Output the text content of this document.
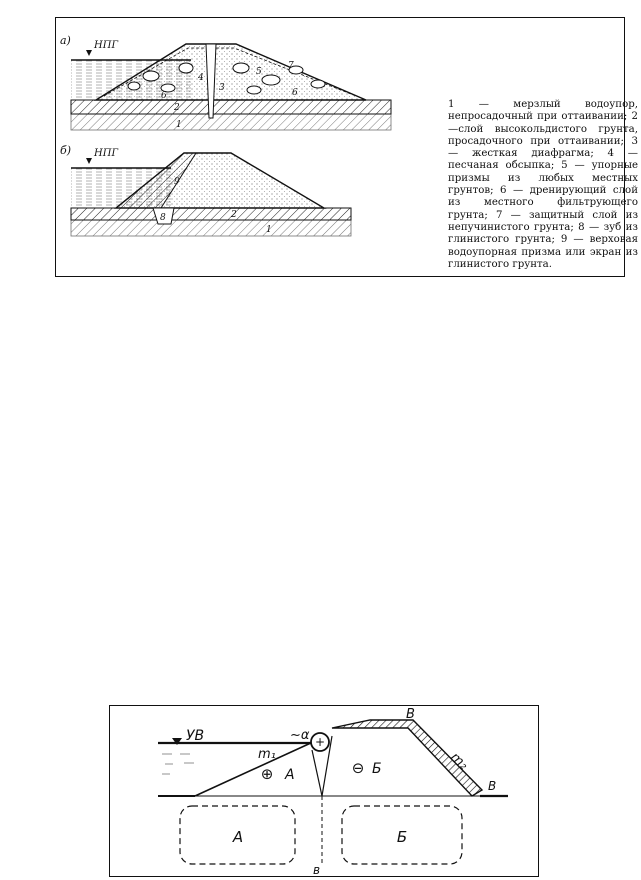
а) НПГ
1
2
3
4
5
6	6
7
б) НПГ
1
2
8
9
1 — мерзлый водоупор, непросадочный при оттаивании; 2—слой высокольдистого грунта, просадочного при оттаивании; 3 — жесткая диафрагма; 4 — песчаная обсыпка; 5 — упорные призмы из любых местных грунтов; 6 — дренирующий слой из местного фильтрующего грунта; 7 — защитный слой из непучинистого грунта; 8 — зуб из глинистого грунта; 9 — верховая водоупорная призма или экран из глинистого грунта.
УВ	+
А	Б
⊕ А	⊖ Б
m₁	m₂
~α
B
B
в
